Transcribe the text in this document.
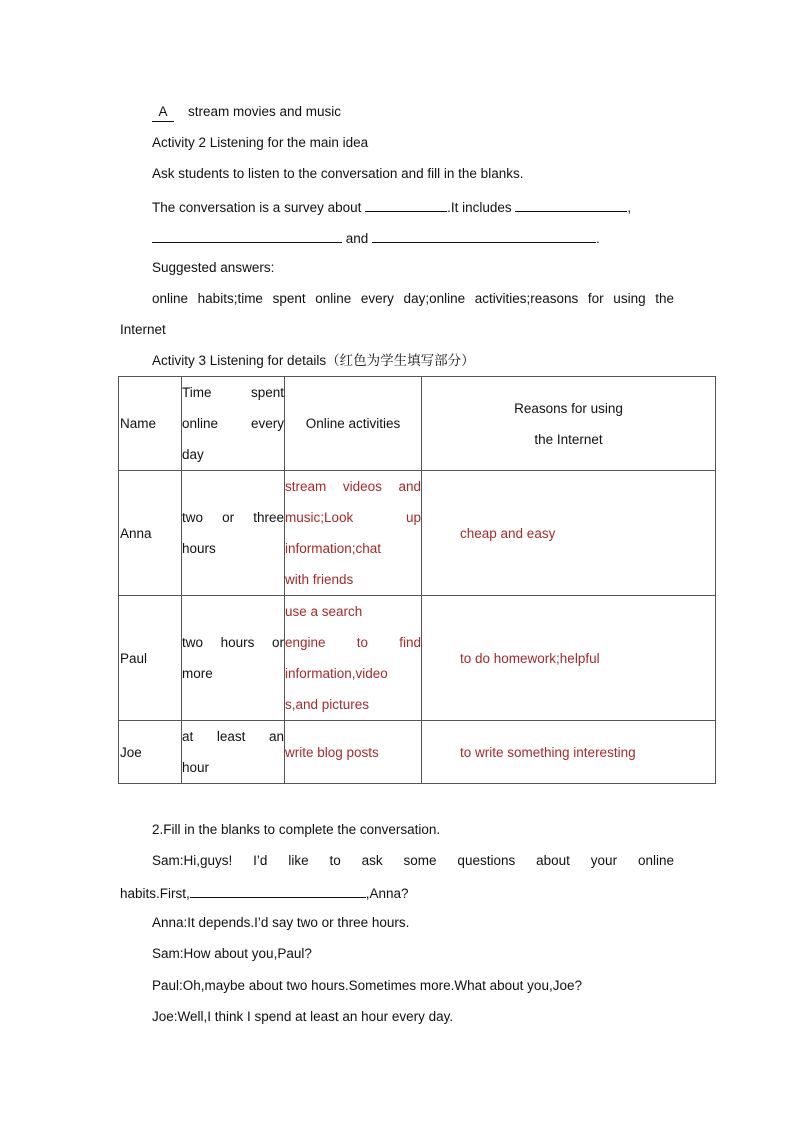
A stream movies and music
Activity 2 Listening for the main idea
Ask students to listen to the conversation and fill in the blanks.
The conversation is a survey about	.It includes	,
and	.
Suggested answers:
online habits;time spent online every day;online activities;reasons for using the
Internet
Activity 3 Listening for details（红色为学生填写部分）
Name	Time spent
online every
day	Online activities	Reasons for using
the Internet

Anna	two or three
hours	stream videos and
music;Look up
information;chat
with friends	cheap and easy
Paul	two hours or
more	use a search
engine to find
information,video
s,and pictures	to do homework;helpful
Joe	at least an
hour	write blog posts	to write something interesting
2.Fill in the blanks to complete the conversation.
Sam:Hi,guys! I’d like to ask some questions about your online
habits.First,	,Anna?
Anna:It depends.I’d say two or three hours.
Sam:How about you,Paul?
Paul:Oh,maybe about two hours.Sometimes more.What about you,Joe?
Joe:Well,I think I spend at least an hour every day.
